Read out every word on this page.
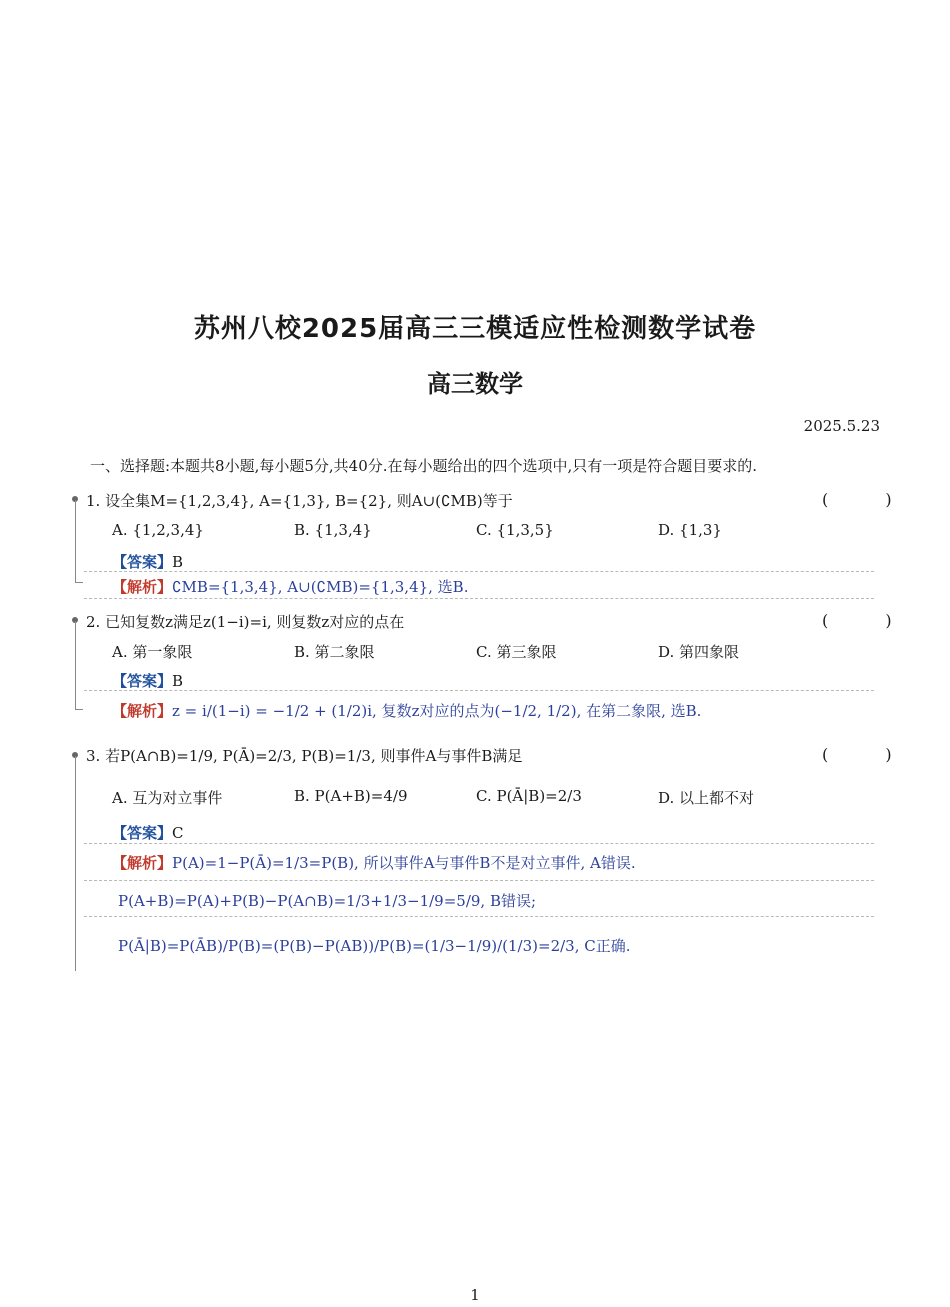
苏州八校2025届高三三模适应性检测数学试卷
高三数学
2025.5.23
一、选择题:本题共8小题,每小题5分,共40分.在每小题给出的四个选项中,只有一项是符合题目要求的.
1. 设全集M={1,2,3,4}, A={1,3}, B={2}, 则A∪(∁MB)等于	( )
A. {1,2,3,4}	B. {1,3,4}	C. {1,3,5}	D. {1,3}
【答案】B
【解析】∁MB={1,3,4}, A∪(∁MB)={1,3,4}, 选B.
2. 已知复数z满足z(1−i)=i, 则复数z对应的点在	( )
A. 第一象限	B. 第二象限	C. 第三象限	D. 第四象限
【答案】B
【解析】z = i/(1−i) = −1/2 + (1/2)i, 复数z对应的点为(−1/2, 1/2), 在第二象限, 选B.
3. 若P(A∩B)=1/9, P(Ā)=2/3, P(B)=1/3, 则事件A与事件B满足	( )
A. 互为对立事件	B. P(A+B)=4/9	C. P(Ā|B)=2/3	D. 以上都不对
【答案】C
【解析】P(A)=1−P(Ā)=1/3=P(B), 所以事件A与事件B不是对立事件, A错误.
P(A+B)=P(A)+P(B)−P(A∩B)=1/3+1/3−1/9=5/9, B错误;
P(Ā|B)=P(ĀB)/P(B)=(P(B)−P(AB))/P(B)=(1/3−1/9)/(1/3)=2/3, C正确.
1
